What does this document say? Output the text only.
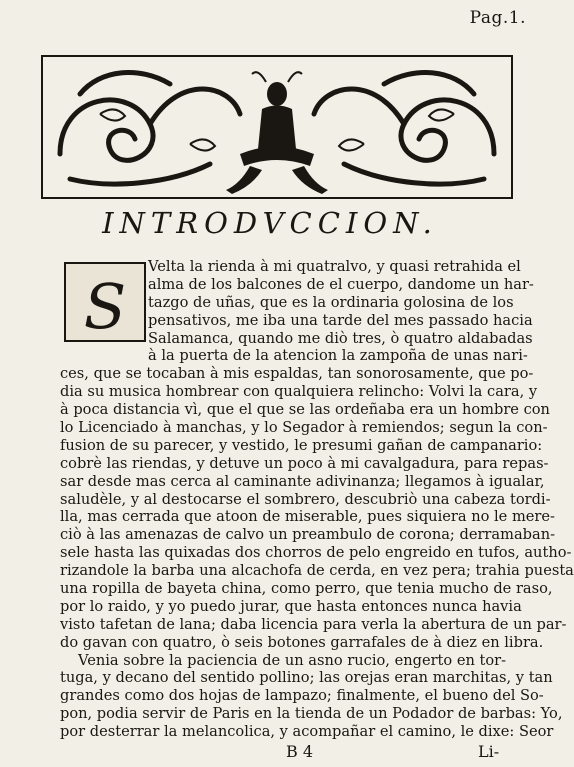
Pag.1.
INTRODVCCION.
S
Velta la rienda à mi quatralvo, y quasi retrahida el
alma de los balcones de el cuerpo, dandome un har-
tazgo de uñas, que es la ordinaria golosina de los
pensativos, me iba una tarde del mes passado hacia
Salamanca, quando me diò tres, ò quatro aldabadas
à la puerta de la atencion la zampoña de unas nari-
ces, que se tocaban à mis espaldas, tan sonorosamente, que po-
dia su musica hombrear con qualquiera relincho: Volvi la cara, y
à poca distancia vì, que el que se las ordeñaba era un hombre con
lo Licenciado à manchas, y lo Segador à remiendos; segun la con-
fusion de su parecer, y vestido, le presumi gañan de campanario:
cobrè las riendas, y detuve un poco à mi cavalgadura, para repas-
sar desde mas cerca al caminante adivinanza; llegamos à igualar,
saludèle, y al destocarse el sombrero, descubriò una cabeza tordi-
lla, mas cerrada que atoon de miserable, pues siquiera no le mere-
ciò à las amenazas de calvo un preambulo de corona; derramaban-
sele hasta las quixadas dos chorros de pelo engreido en tufos, autho-
rizandole la barba una alcachofa de cerda, en vez pera; trahia puesta
una ropilla de bayeta china, como perro, que tenia mucho de raso,
por lo raido, y yo puedo jurar, que hasta entonces nunca havia
visto tafetan de lana; daba licencia para verla la abertura de un par-
do gavan con quatro, ò seis botones garrafales de à diez en libra.
Venia sobre la paciencia de un asno rucio, engerto en tor-
tuga, y decano del sentido pollino; las orejas eran marchitas, y tan
grandes como dos hojas de lampazo; finalmente, el bueno del So-
pon, podia servir de Paris en la tienda de un Podador de barbas: Yo,
por desterrar la melancolica, y acompañar el camino, le dixe: Seor
B 4	Li-
